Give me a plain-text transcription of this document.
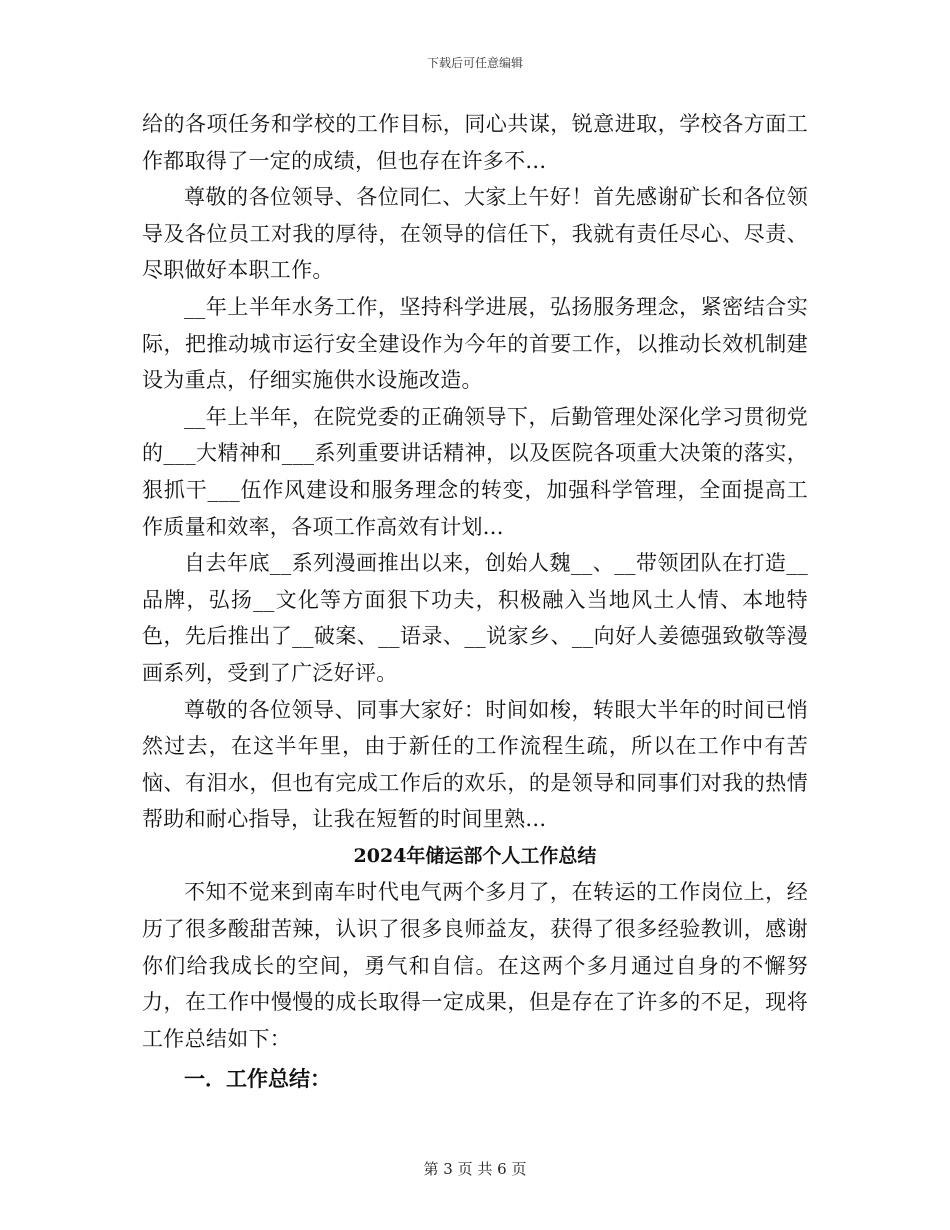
下载后可任意编辑

给的各项任务和学校的工作目标，同心共谋，锐意进取，学校各方面工作都取得了一定的成绩，但也存在许多不...

尊敬的各位领导、各位同仁、大家上午好！首先感谢矿长和各位领导及各位员工对我的厚待，在领导的信任下，我就有责任尽心、尽责、尽职做好本职工作。

__年上半年水务工作，坚持科学进展，弘扬服务理念，紧密结合实际，把推动城市运行安全建设作为今年的首要工作，以推动长效机制建设为重点，仔细实施供水设施改造。

__年上半年，在院党委的正确领导下，后勤管理处深化学习贯彻党的___大精神和___系列重要讲话精神，以及医院各项重大决策的落实，狠抓干___伍作风建设和服务理念的转变，加强科学管理，全面提高工作质量和效率，各项工作高效有计划...

自去年底__系列漫画推出以来，创始人魏__、__带领团队在打造__品牌，弘扬__文化等方面狠下功夫，积极融入当地风土人情、本地特色，先后推出了__破案、__语录、__说家乡、__向好人姜德强致敬等漫画系列，受到了广泛好评。

尊敬的各位领导、同事大家好：时间如梭，转眼大半年的时间已悄然过去，在这半年里，由于新任的工作流程生疏，所以在工作中有苦恼、有泪水，但也有完成工作后的欢乐，的是领导和同事们对我的热情帮助和耐心指导，让我在短暂的时间里熟...

2024年储运部个人工作总结

不知不觉来到南车时代电气两个多月了，在转运的工作岗位上，经历了很多酸甜苦辣，认识了很多良师益友，获得了很多经验教训，感谢你们给我成长的空间，勇气和自信。在这两个多月通过自身的不懈努力，在工作中慢慢的成长取得一定成果，但是存在了许多的不足，现将工作总结如下：

一．工作总结：

第 3 页 共 6 页
